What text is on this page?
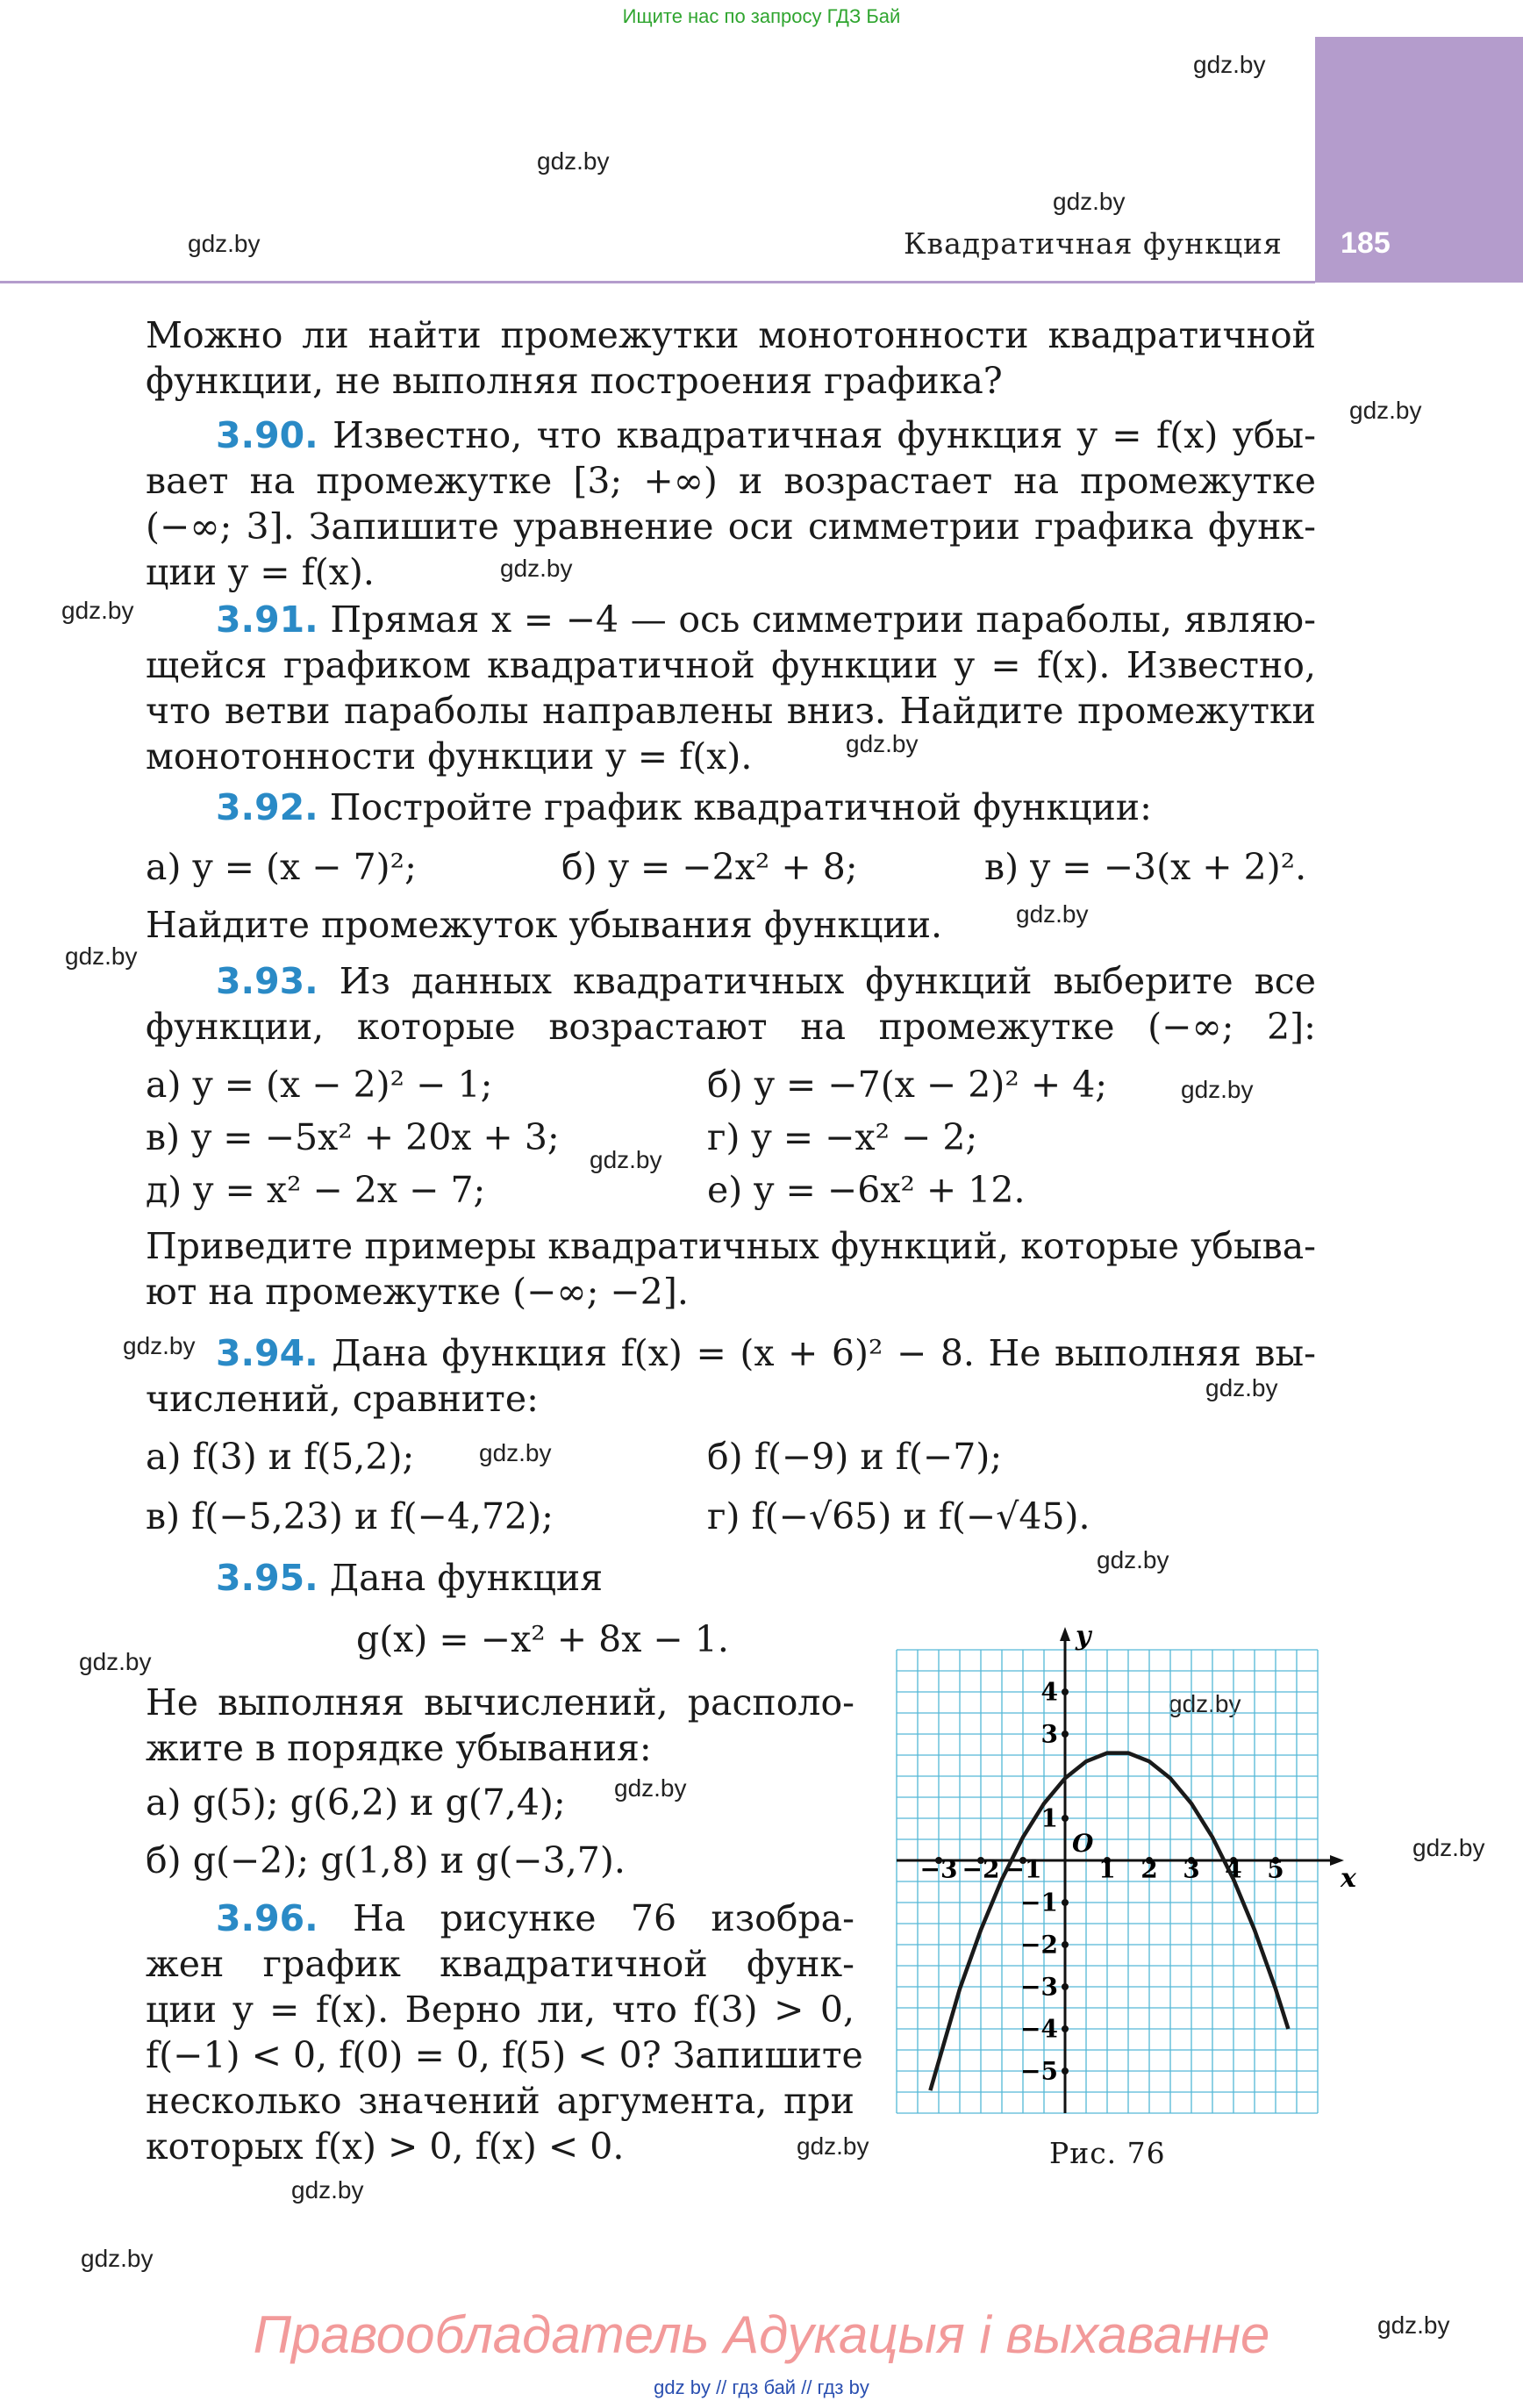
Ищите нас по запросу ГДЗ Бай
185
Квадратичная функция
gdz.by
gdz.by
gdz.by
gdz.by
gdz.by
gdz.by
gdz.by
gdz.by
gdz.by
gdz.by
gdz.by
gdz.by
gdz.by
gdz.by
gdz.by
gdz.by
gdz.by
gdz.by
gdz.by
gdz.by
gdz.by
gdz.by
gdz.by
gdz.by
Можно ли найти промежутки монотонности квадратичной
функции, не выполняя построения графика?
3.90. Известно, что квадратичная функция y = f(x) убы-
вает на промежутке [3; +∞) и возрастает на промежутке
(−∞; 3]. Запишите уравнение оси симметрии графика функ-
ции y = f(x).
3.91. Прямая x = −4 — ось симметрии параболы, являю-
щейся графиком квадратичной функции y = f(x). Известно,
что ветви параболы направлены вниз. Найдите промежутки
монотонности функции y = f(x).
3.92. Постройте график квадратичной функции:
а) y = (x − 7)²;	б) y = −2x² + 8;	в) y = −3(x + 2)².
Найдите промежуток убывания функции.
3.93. Из данных квадратичных функций выберите все
функции, которые возрастают на промежутке (−∞; 2]:
а) y = (x − 2)² − 1;	б) y = −7(x − 2)² + 4;
в) y = −5x² + 20x + 3;	г) y = −x² − 2;
д) y = x² − 2x − 7;	е) y = −6x² + 12.
Приведите примеры квадратичных функций, которые убыва-
ют на промежутке (−∞; −2].
3.94. Дана функция f(x) = (x + 6)² − 8. Не выполняя вы-
числений, сравните:
а) f(3) и f(5,2);	б) f(−9) и f(−7);
в) f(−5,23) и f(−4,72);	г) f(−√65) и f(−√45).
3.95. Дана функция
g(x) = −x² + 8x − 1.
Не выполняя вычислений, располо-
жите в порядке убывания:
а) g(5); g(6,2) и g(7,4);
б) g(−2); g(1,8) и g(−3,7).
3.96. На рисунке 76 изобра-
жен график квадратичной функ-
ции y = f(x). Верно ли, что f(3) > 0,
f(−1) < 0, f(0) = 0, f(5) < 0? Запишите
несколько значений аргумента, при
которых f(x) > 0, f(x) < 0.
x
y
O
−3 −2 −1 1 2 3 4 5
4
3
1
−1
−2
−3
−4
−5
Рис. 76
Правообладатель Адукацыя і выхаванне
gdz by // гдз бай // гдз by
